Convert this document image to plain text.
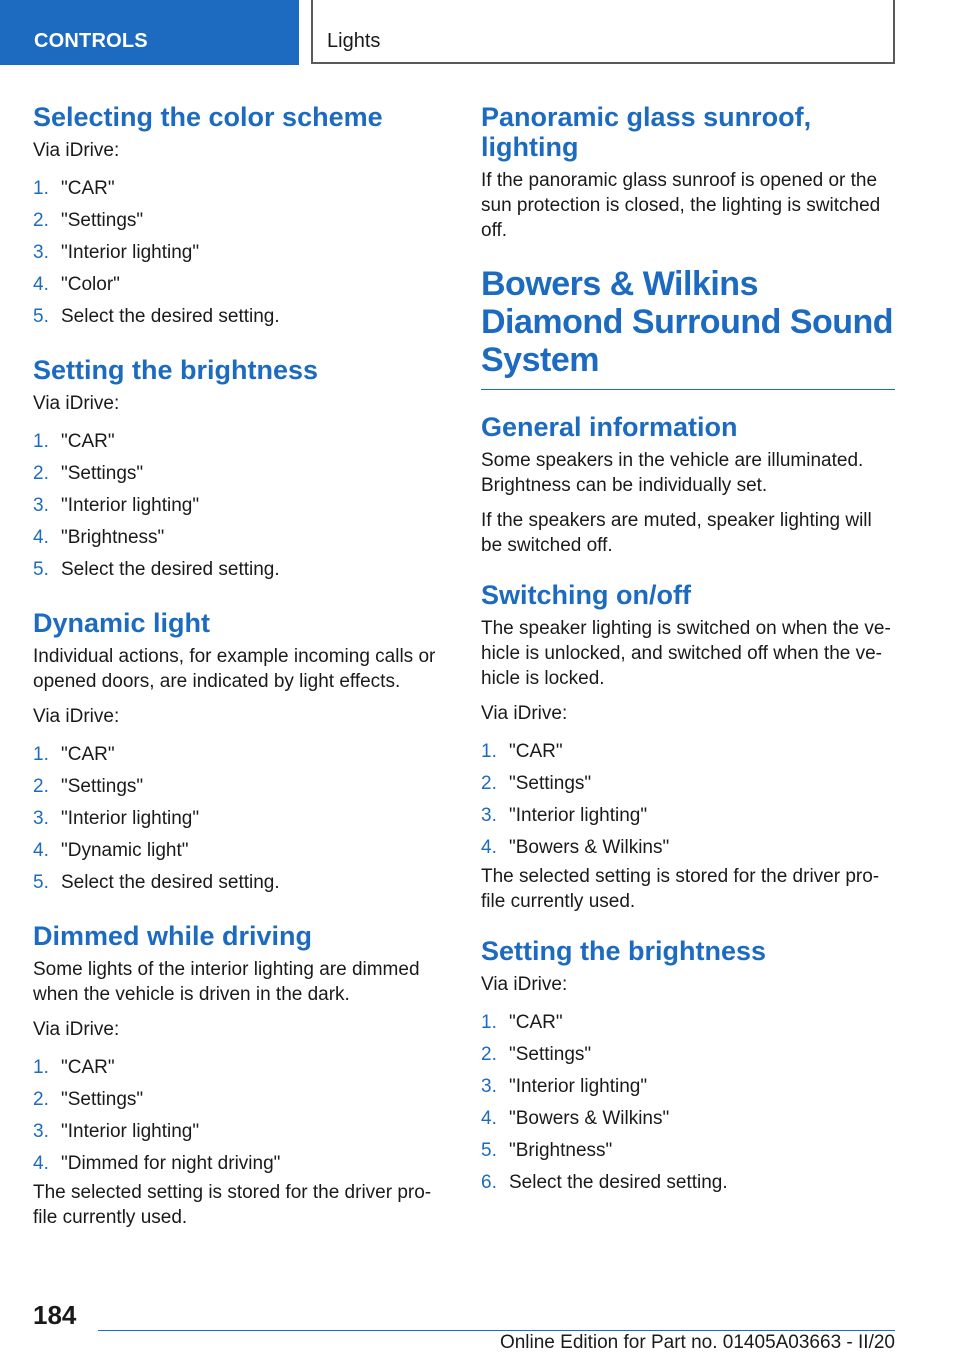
CONTROLS	Lights
Selecting the color scheme

Via iDrive:

1. "CAR"
2. "Settings"
3. "Interior lighting"
4. "Color"
5. Select the desired setting.
Setting the brightness

Via iDrive:

1. "CAR"
2. "Settings"
3. "Interior lighting"
4. "Brightness"
5. Select the desired setting.
Dynamic light

Individual actions, for example incoming calls or opened doors, are indicated by light effects.

Via iDrive:

1. "CAR"
2. "Settings"
3. "Interior lighting"
4. "Dynamic light"
5. Select the desired setting.
Dimmed while driving

Some lights of the interior lighting are dimmed when the vehicle is driven in the dark.

Via iDrive:

1. "CAR"
2. "Settings"
3. "Interior lighting"
4. "Dimmed for night driving"

The selected setting is stored for the driver pro-file currently used.

Panoramic glass sunroof, lighting

If the panoramic glass sunroof is opened or the sun protection is closed, the lighting is switched off.

Bowers & Wilkins Diamond Surround Sound System
General information

Some speakers in the vehicle are illuminated. Brightness can be individually set.

If the speakers are muted, speaker lighting will be switched off.

Switching on/off

The speaker lighting is switched on when the ve-hicle is unlocked, and switched off when the ve-hicle is locked.

Via iDrive:

1. "CAR"
2. "Settings"
3. "Interior lighting"
4. "Bowers & Wilkins"

The selected setting is stored for the driver pro-file currently used.

Setting the brightness

Via iDrive:

1. "CAR"
2. "Settings"
3. "Interior lighting"
4. "Bowers & Wilkins"
5. "Brightness"
6. Select the desired setting.
184
Online Edition for Part no. 01405A03663 - II/20
